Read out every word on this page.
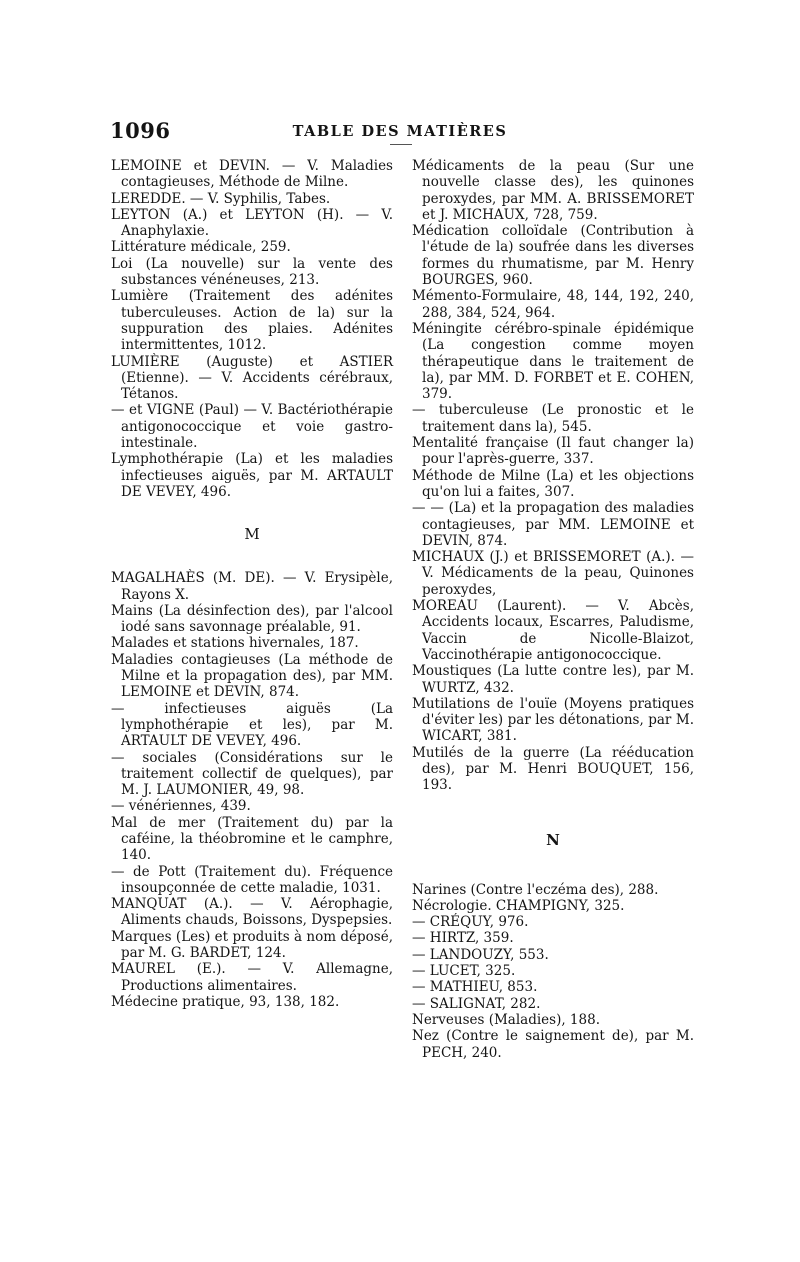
1096	TABLE DES MATIÈRES

LEMOINE et DEVIN. — V. Maladies contagieuses, Méthode de Milne.

LEREDDE. — V. Syphilis, Tabes.

LEYTON (A.) et LEYTON (H). — V. Anaphylaxie.

Littérature médicale, 259.

Loi (La nouvelle) sur la vente des substances vénéneuses, 213.

Lumière (Traitement des adénites tuberculeuses. Action de la) sur la suppuration des plaies. Adénites intermittentes, 1012.

LUMIÈRE (Auguste) et ASTIER (Etienne). — V. Accidents cérébraux, Tétanos.

— et VIGNE (Paul) — V. Bactériothérapie antigonococcique et voie gastro-intestinale.

Lymphothérapie (La) et les maladies infectieuses aiguës, par M. ARTAULT DE VEVEY, 496.

M

MAGALHAÈS (M. DE). — V. Erysipèle, Rayons X.

Mains (La désinfection des), par l'alcool iodé sans savonnage préalable, 91.

Malades et stations hivernales, 187.

Maladies contagieuses (La méthode de Milne et la propagation des), par MM. LEMOINE et DEVIN, 874.

— infectieuses aiguës (La lymphothérapie et les), par M. ARTAULT DE VEVEY, 496.

— sociales (Considérations sur le traitement collectif de quelques), par M. J. LAUMONIER, 49, 98.

— vénériennes, 439.

Mal de mer (Traitement du) par la caféine, la théobromine et le camphre, 140.

— de Pott (Traitement du). Fréquence insoupçonnée de cette maladie, 1031.

MANQUAT (A.). — V. Aérophagie, Aliments chauds, Boissons, Dyspepsies.

Marques (Les) et produits à nom déposé, par M. G. BARDET, 124.

MAUREL (E.). — V. Allemagne, Productions alimentaires.

Médecine pratique, 93, 138, 182.

Médicaments de la peau (Sur une nouvelle classe des), les quinones peroxydes, par MM. A. BRISSEMORET et J. MICHAUX, 728, 759.

Médication colloïdale (Contribution à l'étude de la) soufrée dans les diverses formes du rhumatisme, par M. Henry BOURGES, 960.

Mémento-Formulaire, 48, 144, 192, 240, 288, 384, 524, 964.

Méningite cérébro-spinale épidémique (La congestion comme moyen thérapeutique dans le traitement de la), par MM. D. FORBET et E. COHEN, 379.

— tuberculeuse (Le pronostic et le traitement dans la), 545.

Mentalité française (Il faut changer la) pour l'après-guerre, 337.

Méthode de Milne (La) et les objections qu'on lui a faites, 307.

— — (La) et la propagation des maladies contagieuses, par MM. LEMOINE et DEVIN, 874.

MICHAUX (J.) et BRISSEMORET (A.). — V. Médicaments de la peau, Quinones peroxydes,

MOREAU (Laurent). — V. Abcès, Accidents locaux, Escarres, Paludisme, Vaccin de Nicolle-Blaizot, Vaccinothérapie antigonococcique.

Moustiques (La lutte contre les), par M. WURTZ, 432.

Mutilations de l'ouïe (Moyens pratiques d'éviter les) par les détonations, par M. WICART, 381.

Mutilés de la guerre (La rééducation des), par M. Henri BOUQUET, 156, 193.

N

Narines (Contre l'eczéma des), 288.

Nécrologie. CHAMPIGNY, 325.

— CRÉQUY, 976.

— HIRTZ, 359.

— LANDOUZY, 553.

— LUCET, 325.

— MATHIEU, 853.

— SALIGNAT, 282.

Nerveuses (Maladies), 188.

Nez (Contre le saignement de), par M. PECH, 240.
